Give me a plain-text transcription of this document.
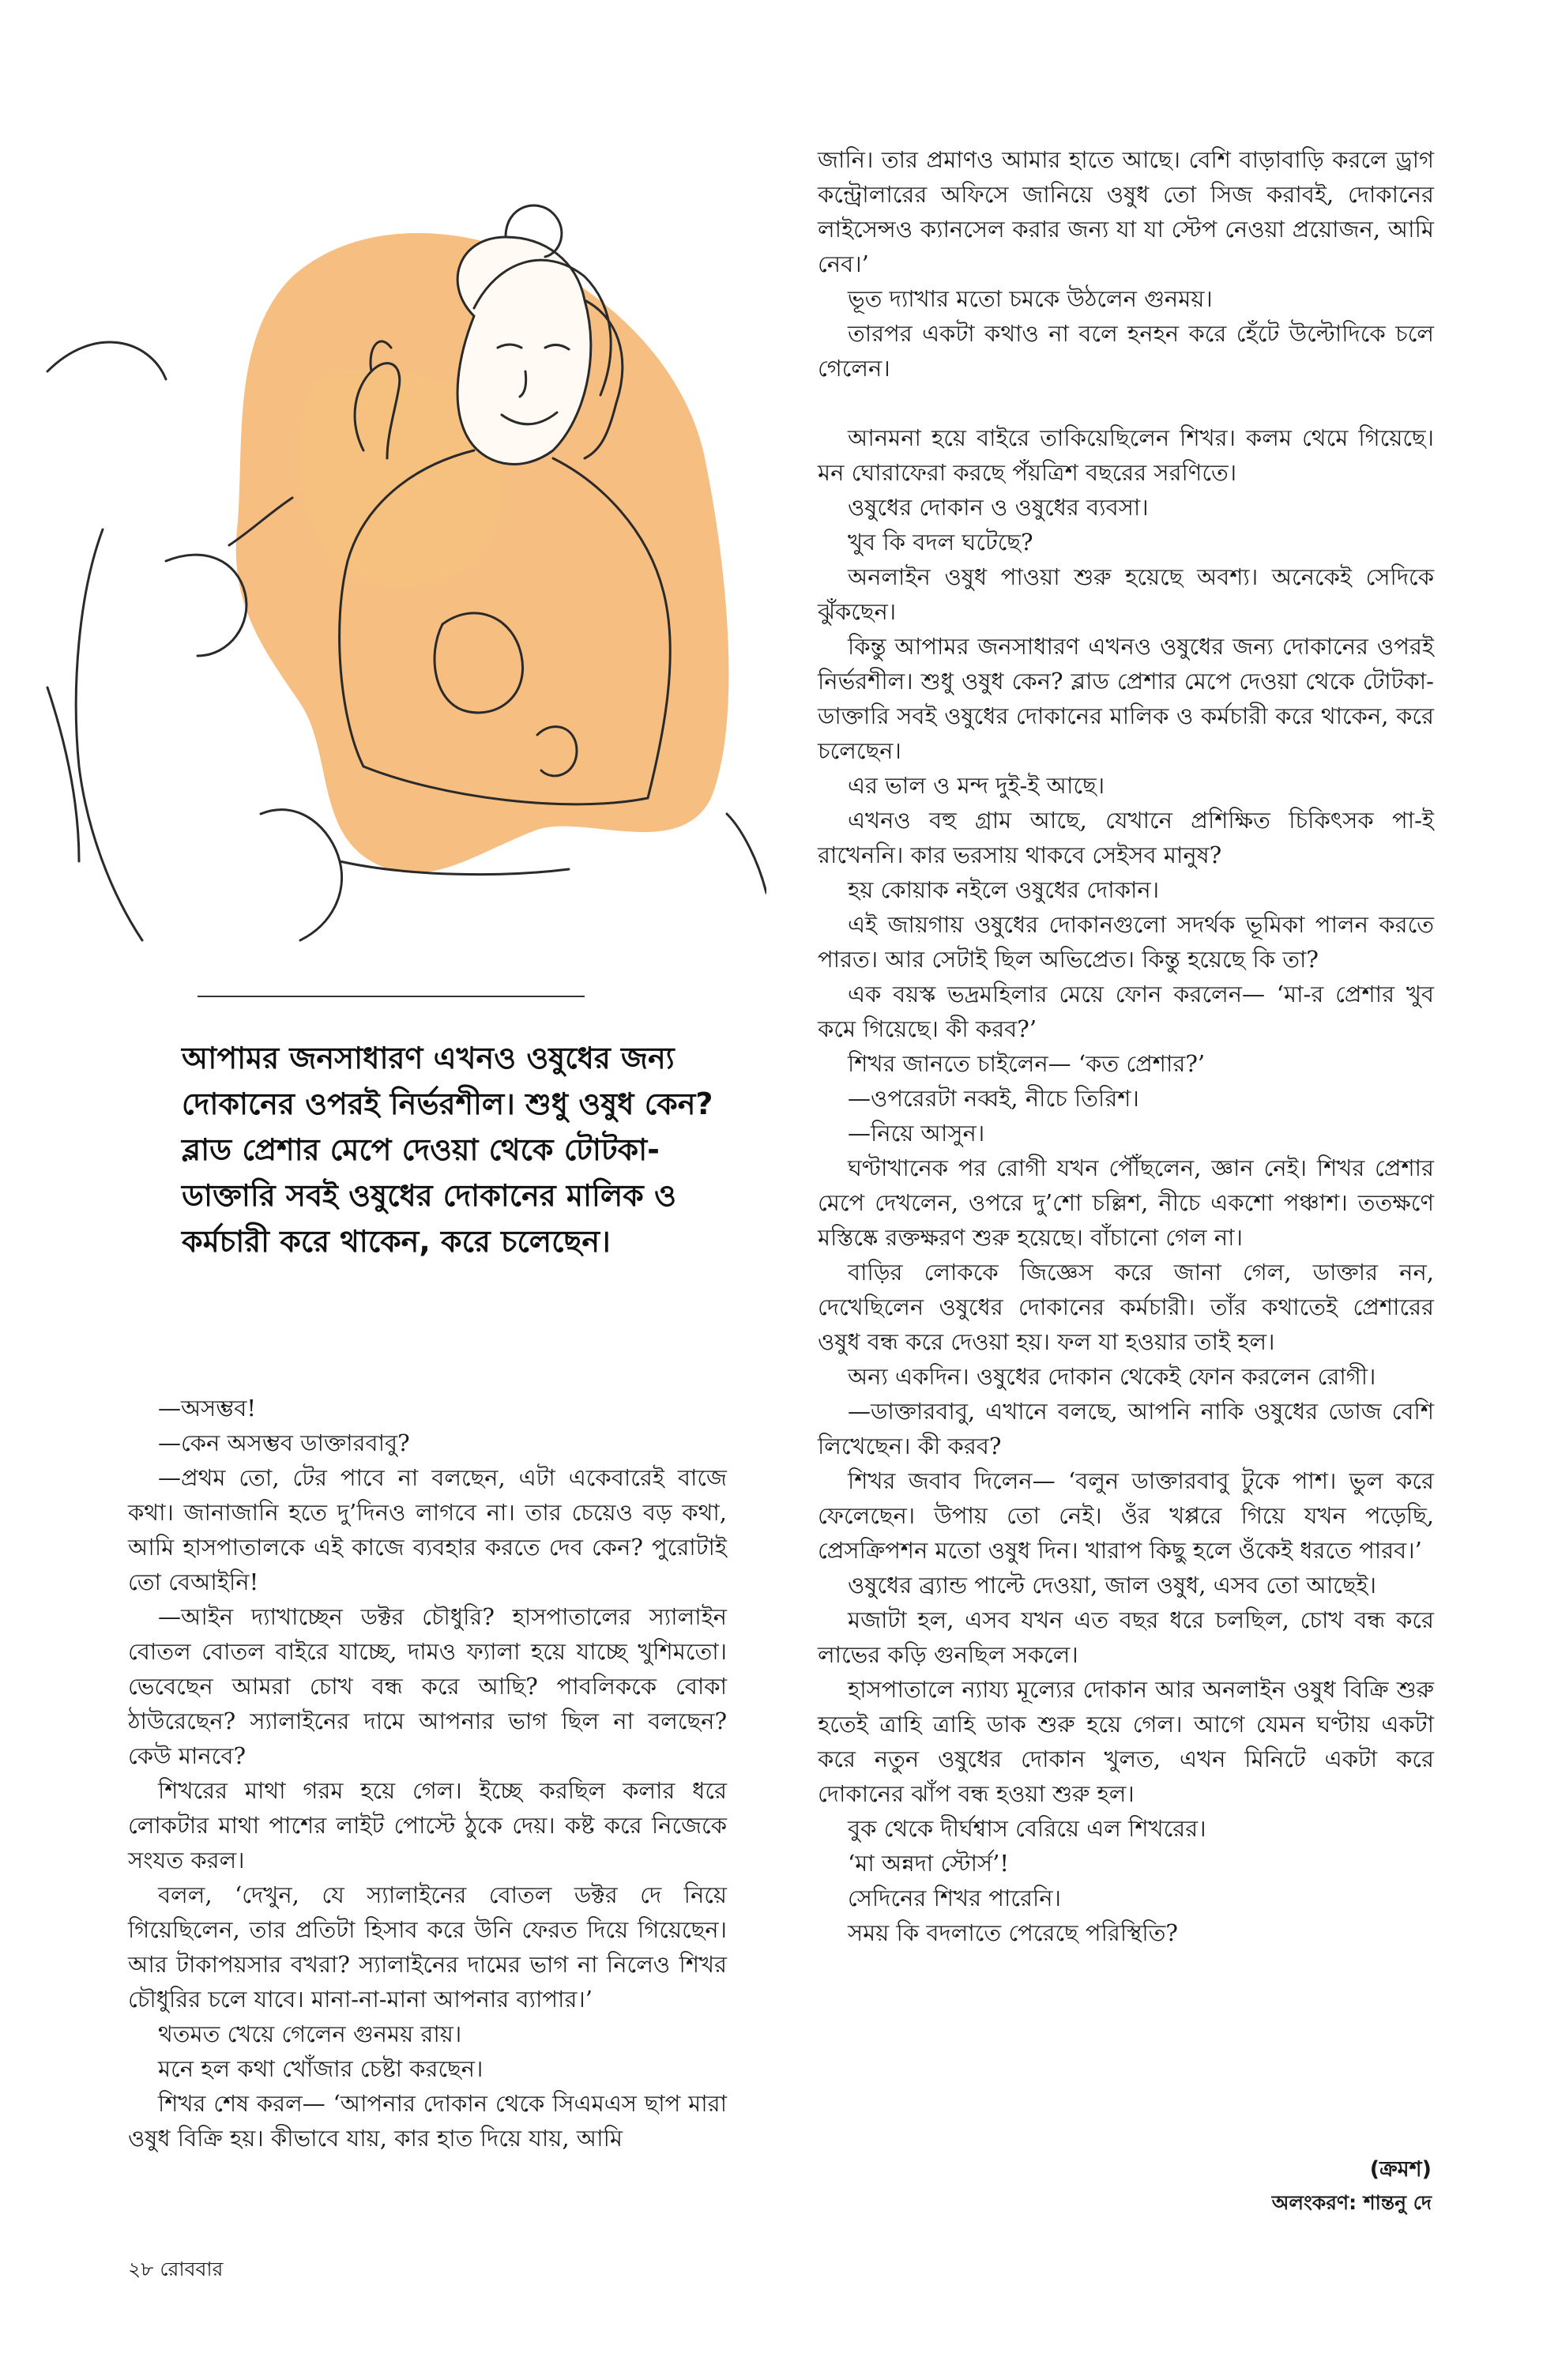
আপামর জনসাধারণ এখনও ওষুধের জন্য দোকানের ওপরই নির্ভরশীল। শুধু ওষুধ কেন? ব্লাড প্রেশার মেপে দেওয়া থেকে টোটকা-ডাক্তারি সবই ওষুধের দোকানের মালিক ও কর্মচারী করে থাকেন, করে চলেছেন।

—অসম্ভব!

—কেন অসম্ভব ডাক্তারবাবু?

—প্রথম তো, টের পাবে না বলছেন, এটা একেবারেই বাজে কথা। জানাজানি হতে দু’দিনও লাগবে না। তার চেয়েও বড় কথা, আমি হাসপাতালকে এই কাজে ব্যবহার করতে দেব কেন? পুরোটাই তো বেআইনি!

—আইন দ্যাখাচ্ছেন ডক্টর চৌধুরি? হাসপাতালের স্যালাইন বোতল বোতল বাইরে যাচ্ছে, দামও ফ্যালা হয়ে যাচ্ছে খুশিমতো। ভেবেছেন আমরা চোখ বন্ধ করে আছি? পাবলিককে বোকা ঠাউরেছেন? স্যালাইনের দামে আপনার ভাগ ছিল না বলছেন? কেউ মানবে?

শিখরের মাথা গরম হয়ে গেল। ইচ্ছে করছিল কলার ধরে লোকটার মাথা পাশের লাইট পোস্টে ঠুকে দেয়। কষ্ট করে নিজেকে সংযত করল।

বলল, ‘দেখুন, যে স্যালাইনের বোতল ডক্টর দে নিয়ে গিয়েছিলেন, তার প্রতিটা হিসাব করে উনি ফেরত দিয়ে গিয়েছেন। আর টাকাপয়সার বখরা? স্যালাইনের দামের ভাগ না নিলেও শিখর চৌধুরির চলে যাবে। মানা-না-মানা আপনার ব্যাপার।’

থতমত খেয়ে গেলেন গুনময় রায়।

মনে হল কথা খোঁজার চেষ্টা করছেন।

শিখর শেষ করল— ‘আপনার দোকান থেকে সিএমএস ছাপ মারা ওষুধ বিক্রি হয়। কীভাবে যায়, কার হাত দিয়ে যায়, আমি

জানি। তার প্রমাণও আমার হাতে আছে। বেশি বাড়াবাড়ি করলে ড্রাগ কন্ট্রোলারের অফিসে জানিয়ে ওষুধ তো সিজ করাবই, দোকানের লাইসেন্সও ক্যানসেল করার জন্য যা যা স্টেপ নেওয়া প্রয়োজন, আমি নেব।’

ভূত দ্যাখার মতো চমকে উঠলেন গুনময়।

তারপর একটা কথাও না বলে হনহন করে হেঁটে উল্টোদিকে চলে গেলেন।

আনমনা হয়ে বাইরে তাকিয়েছিলেন শিখর। কলম থেমে গিয়েছে। মন ঘোরাফেরা করছে পঁয়ত্রিশ বছরের সরণিতে।

ওষুধের দোকান ও ওষুধের ব্যবসা।

খুব কি বদল ঘটেছে?

অনলাইন ওষুধ পাওয়া শুরু হয়েছে অবশ্য। অনেকেই সেদিকে ঝুঁকছেন।

কিন্তু আপামর জনসাধারণ এখনও ওষুধের জন্য দোকানের ওপরই নির্ভরশীল। শুধু ওষুধ কেন? ব্লাড প্রেশার মেপে দেওয়া থেকে টোটকা-ডাক্তারি সবই ওষুধের দোকানের মালিক ও কর্মচারী করে থাকেন, করে চলেছেন।

এর ভাল ও মন্দ দুই-ই আছে।

এখনও বহু গ্রাম আছে, যেখানে প্রশিক্ষিত চিকিৎসক পা-ই রাখেননি। কার ভরসায় থাকবে সেইসব মানুষ?

হয় কোয়াক নইলে ওষুধের দোকান।

এই জায়গায় ওষুধের দোকানগুলো সদর্থক ভূমিকা পালন করতে পারত। আর সেটাই ছিল অভিপ্রেত। কিন্তু হয়েছে কি তা?

এক বয়স্ক ভদ্রমহিলার মেয়ে ফোন করলেন— ‘মা-র প্রেশার খুব কমে গিয়েছে। কী করব?’

শিখর জানতে চাইলেন— ‘কত প্রেশার?’

—ওপরেরটা নব্বই, নীচে তিরিশ।

—নিয়ে আসুন।

ঘণ্টাখানেক পর রোগী যখন পৌঁছলেন, জ্ঞান নেই। শিখর প্রেশার মেপে দেখলেন, ওপরে দু’শো চল্লিশ, নীচে একশো পঞ্চাশ। ততক্ষণে মস্তিষ্কে রক্তক্ষরণ শুরু হয়েছে। বাঁচানো গেল না।

বাড়ির লোককে জিজ্ঞেস করে জানা গেল, ডাক্তার নন, দেখেছিলেন ওষুধের দোকানের কর্মচারী। তাঁর কথাতেই প্রেশারের ওষুধ বন্ধ করে দেওয়া হয়। ফল যা হওয়ার তাই হল।

অন্য একদিন। ওষুধের দোকান থেকেই ফোন করলেন রোগী।

—ডাক্তারবাবু, এখানে বলছে, আপনি নাকি ওষুধের ডোজ বেশি লিখেছেন। কী করব?

শিখর জবাব দিলেন— ‘বলুন ডাক্তারবাবু টুকে পাশ। ভুল করে ফেলেছেন। উপায় তো নেই। ওঁর খপ্পরে গিয়ে যখন পড়েছি, প্রেসক্রিপশন মতো ওষুধ দিন। খারাপ কিছু হলে ওঁকেই ধরতে পারব।’

ওষুধের ব্র্যান্ড পাল্টে দেওয়া, জাল ওষুধ, এসব তো আছেই।

মজাটা হল, এসব যখন এত বছর ধরে চলছিল, চোখ বন্ধ করে লাভের কড়ি গুনছিল সকলে।

হাসপাতালে ন্যায্য মূল্যের দোকান আর অনলাইন ওষুধ বিক্রি শুরু হতেই ত্রাহি ত্রাহি ডাক শুরু হয়ে গেল। আগে যেমন ঘণ্টায় একটা করে নতুন ওষুধের দোকান খুলত, এখন মিনিটে একটা করে দোকানের ঝাঁপ বন্ধ হওয়া শুরু হল।

বুক থেকে দীর্ঘশ্বাস বেরিয়ে এল শিখরের।

‘মা অন্নদা স্টোর্স’!

সেদিনের শিখর পারেনি।

সময় কি বদলাতে পেরেছে পরিস্থিতি?

(ক্রমশ)
অলংকরণ: শান্তনু দে
২৮ রোববার
